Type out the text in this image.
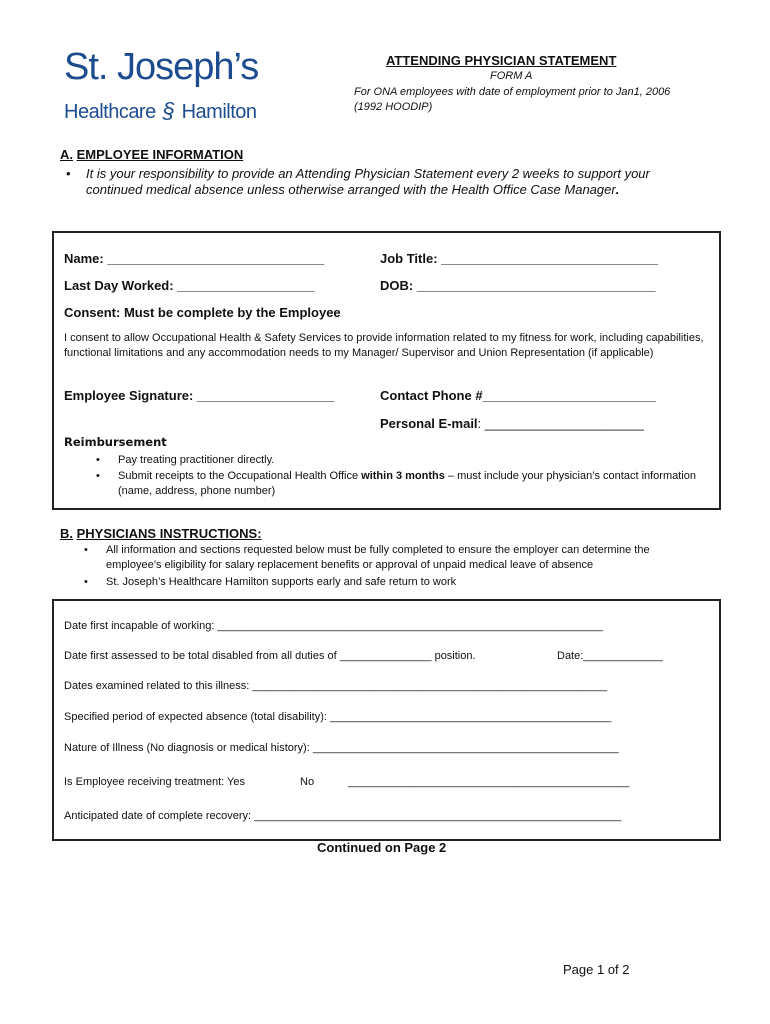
St. Joseph’s
Healthcare § Hamilton
ATTENDING PHYSICIAN STATEMENT
FORM A
For ONA employees with date of employment prior to Jan1, 2006 (1992 HOODIP)
A. EMPLOYEE INFORMATION
• It is your responsibility to provide an Attending Physician Statement every 2 weeks to support your continued medical absence unless otherwise arranged with the Health Office Case Manager.
Name: ______________________________	Job Title: ______________________________
Last Day Worked: ___________________	DOB: _________________________________
Consent: Must be complete by the Employee
I consent to allow Occupational Health & Safety Services to provide information related to my fitness for work, including capabilities, functional limitations and any accommodation needs to my Manager/ Supervisor and Union Representation (if applicable)
Employee Signature: ___________________	Contact Phone #________________________
Personal E-mail: ______________________
Reimbursement
• Pay treating practitioner directly.
• Submit receipts to the Occupational Health Office within 3 months – must include your physician’s contact information (name, address, phone number)
B. PHYSICIANS INSTRUCTIONS:
• All information and sections requested below must be fully completed to ensure the employer can determine the employee’s eligibility for salary replacement benefits or approval of unpaid medical leave of absence
• St. Joseph’s Healthcare Hamilton supports early and safe return to work
Date first incapable of working: _______________________________________________________________
Date first assessed to be total disabled from all duties of _______________ position.	Date:_____________
Dates examined related to this illness: __________________________________________________________
Specified period of expected absence (total disability): ______________________________________________
Nature of Illness (No diagnosis or medical history): __________________________________________________
Is Employee receiving treatment: Yes	No	______________________________________________
Anticipated date of complete recovery: ____________________________________________________________
Continued on Page 2
Page 1 of 2
